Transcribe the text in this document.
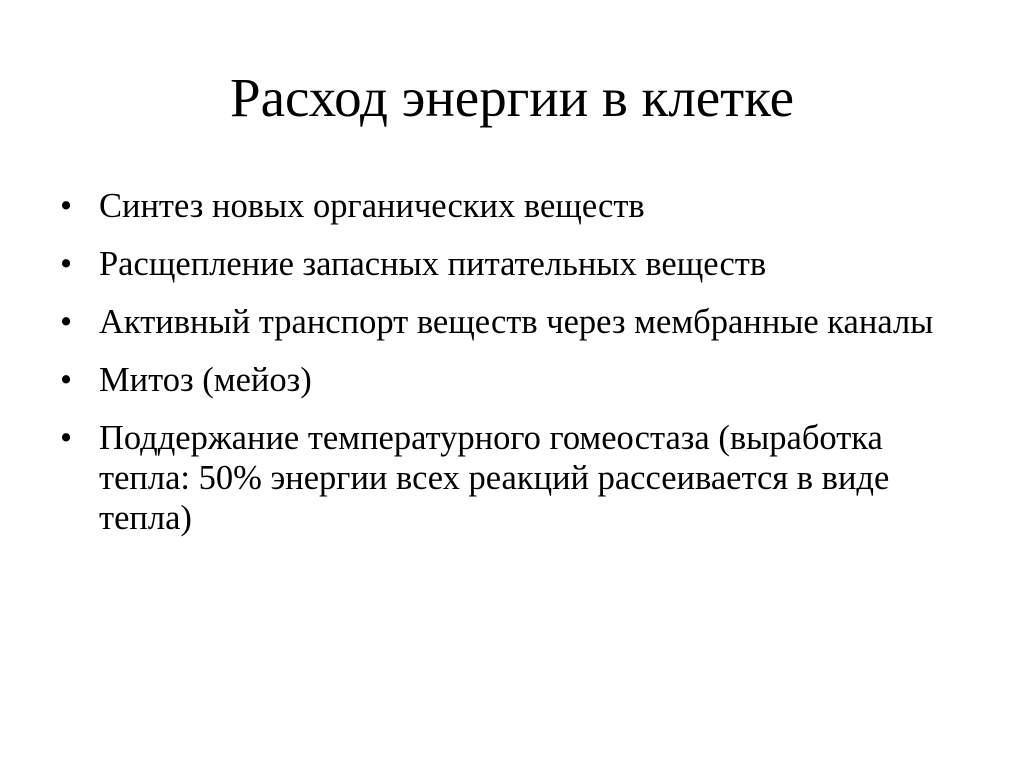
Расход энергии в клетке
• Синтез новых органических веществ
• Расщепление запасных питательных веществ
• Активный транспорт веществ через мембранные каналы
• Митоз (мейоз)
• Поддержание температурного гомеостаза (выработка тепла: 50% энергии всех реакций рассеивается в виде тепла)
